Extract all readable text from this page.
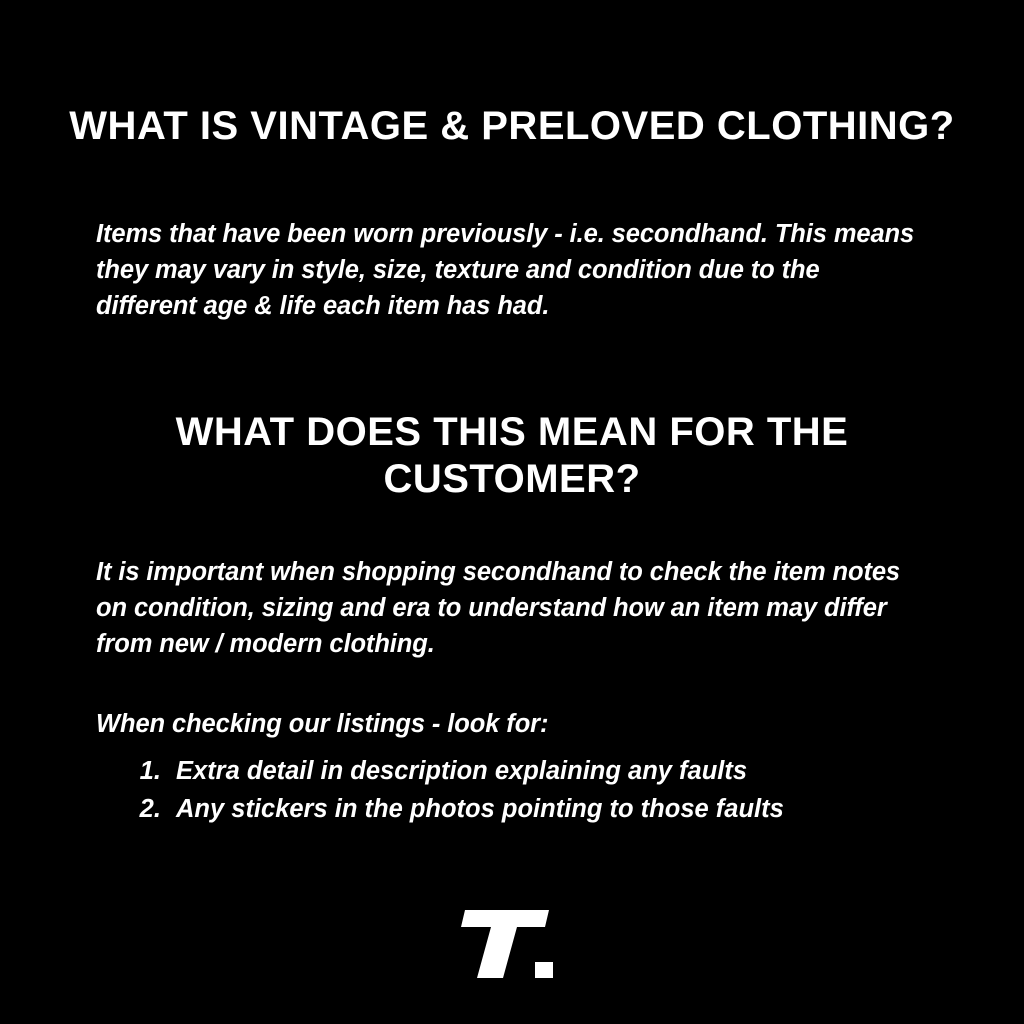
WHAT IS VINTAGE & PRELOVED CLOTHING?

Items that have been worn previously - i.e. secondhand. This means they may vary in style, size, texture and condition due to the different age & life each item has had.

WHAT DOES THIS MEAN FOR THE CUSTOMER?

It is important when shopping secondhand to check the item notes on condition, sizing and era to understand how an item may differ from new / modern clothing.

When checking our listings - look for:

1. Extra detail in description explaining any faults
2. Any stickers in the photos pointing to those faults
